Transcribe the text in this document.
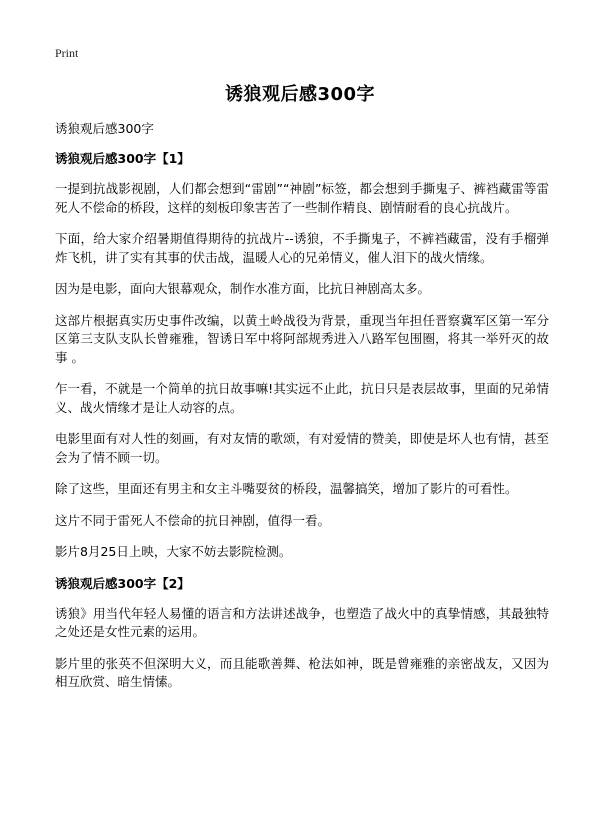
Print
诱狼观后感300字
诱狼观后感300字
诱狼观后感300字【1】

一提到抗战影视剧，人们都会想到“雷剧”“神剧”标签，都会想到手撕鬼子、裤裆藏雷等雷死人不偿命的桥段，这样的刻板印象害苦了一些制作精良、剧情耐看的良心抗战片。

下面，给大家介绍暑期值得期待的抗战片--诱狼，不手撕鬼子，不裤裆藏雷，没有手榴弹炸飞机，讲了实有其事的伏击战，温暖人心的兄弟情义，催人泪下的战火情缘。

因为是电影，面向大银幕观众，制作水准方面，比抗日神剧高太多。

这部片根据真实历史事件改编，以黄土岭战役为背景，重现当年担任晋察冀军区第一军分区第三支队支队长曾雍雅，智诱日军中将阿部规秀进入八路军包围圈，将其一举歼灭的故事 。

乍一看，不就是一个简单的抗日故事嘛!其实远不止此，抗日只是表层故事，里面的兄弟情义、战火情缘才是让人动容的点。

电影里面有对人性的刻画，有对友情的歌颂，有对爱情的赞美，即使是坏人也有情，甚至会为了情不顾一切。

除了这些，里面还有男主和女主斗嘴耍贫的桥段，温馨搞笑，增加了影片的可看性。

这片不同于雷死人不偿命的抗日神剧，值得一看。

影片8月25日上映，大家不妨去影院检测。

诱狼观后感300字【2】

诱狼》用当代年轻人易懂的语言和方法讲述战争，也塑造了战火中的真挚情感，其最独特之处还是女性元素的运用。

影片里的张英不但深明大义，而且能歌善舞、枪法如神，既是曾雍雅的亲密战友，又因为相互欣赏、暗生情愫。
